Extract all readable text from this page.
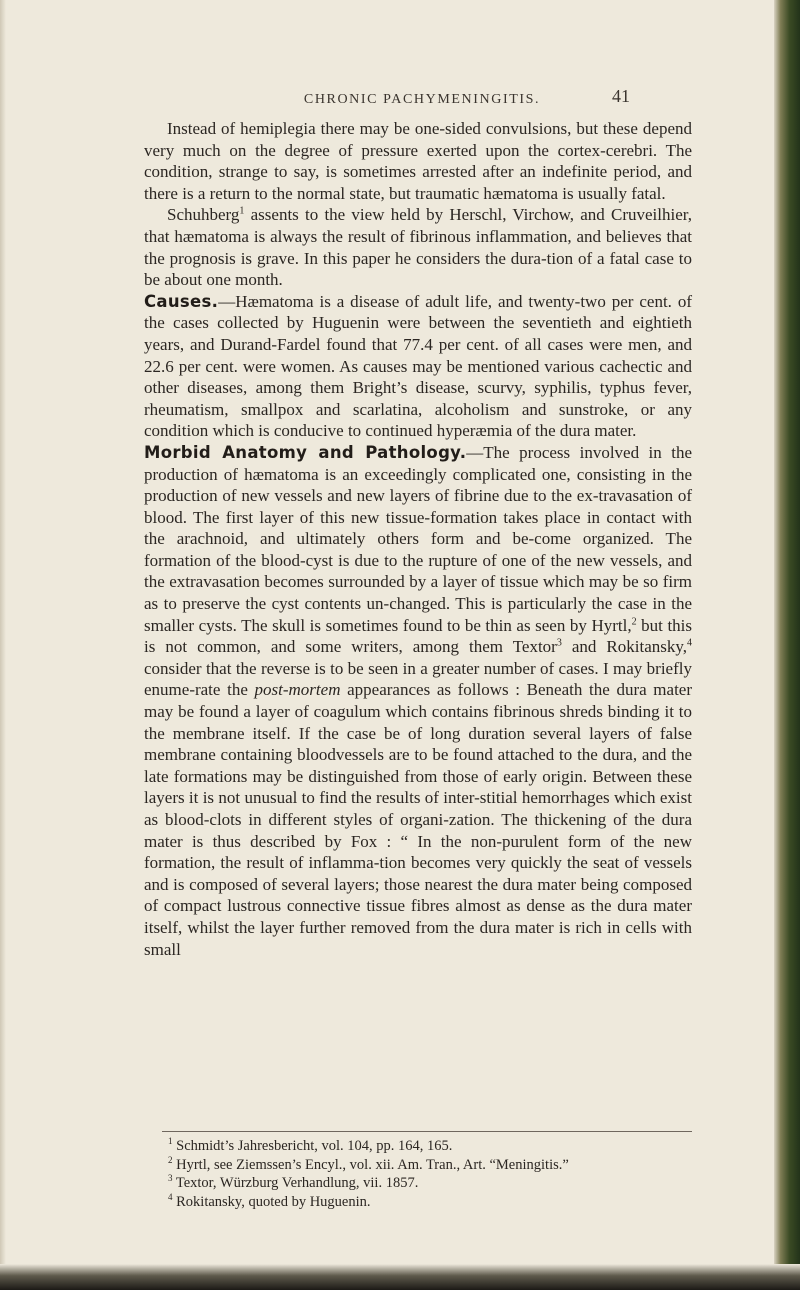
CHRONIC PACHYMENINGITIS.	41

Instead of hemiplegia there may be one-sided convulsions, but these depend very much on the degree of pressure exerted upon the cortex-cerebri. The condition, strange to say, is sometimes arrested after an indefinite period, and there is a return to the normal state, but traumatic hæmatoma is usually fatal.

Schuhberg$^1$ assents to the view held by Herschl, Virchow, and Cruveilhier, that hæmatoma is always the result of fibrinous inflammation, and believes that the prognosis is grave. In this paper he considers the dura-tion of a fatal case to be about one month.

Causes.—Hæmatoma is a disease of adult life, and twenty-two per cent. of the cases collected by Huguenin were between the seventieth and eightieth years, and Durand-Fardel found that 77.4 per cent. of all cases were men, and 22.6 per cent. were women. As causes may be mentioned various cachectic and other diseases, among them Bright’s disease, scurvy, syphilis, typhus fever, rheumatism, smallpox and scarlatina, alcoholism and sunstroke, or any condition which is conducive to continued hyperæmia of the dura mater.

Morbid Anatomy and Pathology.—The process involved in the production of hæmatoma is an exceedingly complicated one, consisting in the production of new vessels and new layers of fibrine due to the ex-travasation of blood. The first layer of this new tissue-formation takes place in contact with the arachnoid, and ultimately others form and be-come organized. The formation of the blood-cyst is due to the rupture of one of the new vessels, and the extravasation becomes surrounded by a layer of tissue which may be so firm as to preserve the cyst contents un-changed. This is particularly the case in the smaller cysts. The skull is sometimes found to be thin as seen by Hyrtl,$^2$ but this is not common, and some writers, among them Textor$^3$ and Rokitansky,$^4$ consider that the reverse is to be seen in a greater number of cases. I may briefly enume-rate the post-mortem appearances as follows : Beneath the dura mater may be found a layer of coagulum which contains fibrinous shreds binding it to the membrane itself. If the case be of long duration several layers of false membrane containing bloodvessels are to be found attached to the dura, and the late formations may be distinguished from those of early origin. Between these layers it is not unusual to find the results of inter-stitial hemorrhages which exist as blood-clots in different styles of organi-zation. The thickening of the dura mater is thus described by Fox : “ In the non-purulent form of the new formation, the result of inflamma-tion becomes very quickly the seat of vessels and is composed of several layers; those nearest the dura mater being composed of compact lustrous connective tissue fibres almost as dense as the dura mater itself, whilst the layer further removed from the dura mater is rich in cells with small

$^1$ Schmidt’s Jahresbericht, vol. 104, pp. 164, 165.
$^2$ Hyrtl, see Ziemssen’s Encyl., vol. xii. Am. Tran., Art. “Meningitis.”
$^3$ Textor, Würzburg Verhandlung, vii. 1857.
$^4$ Rokitansky, quoted by Huguenin.
